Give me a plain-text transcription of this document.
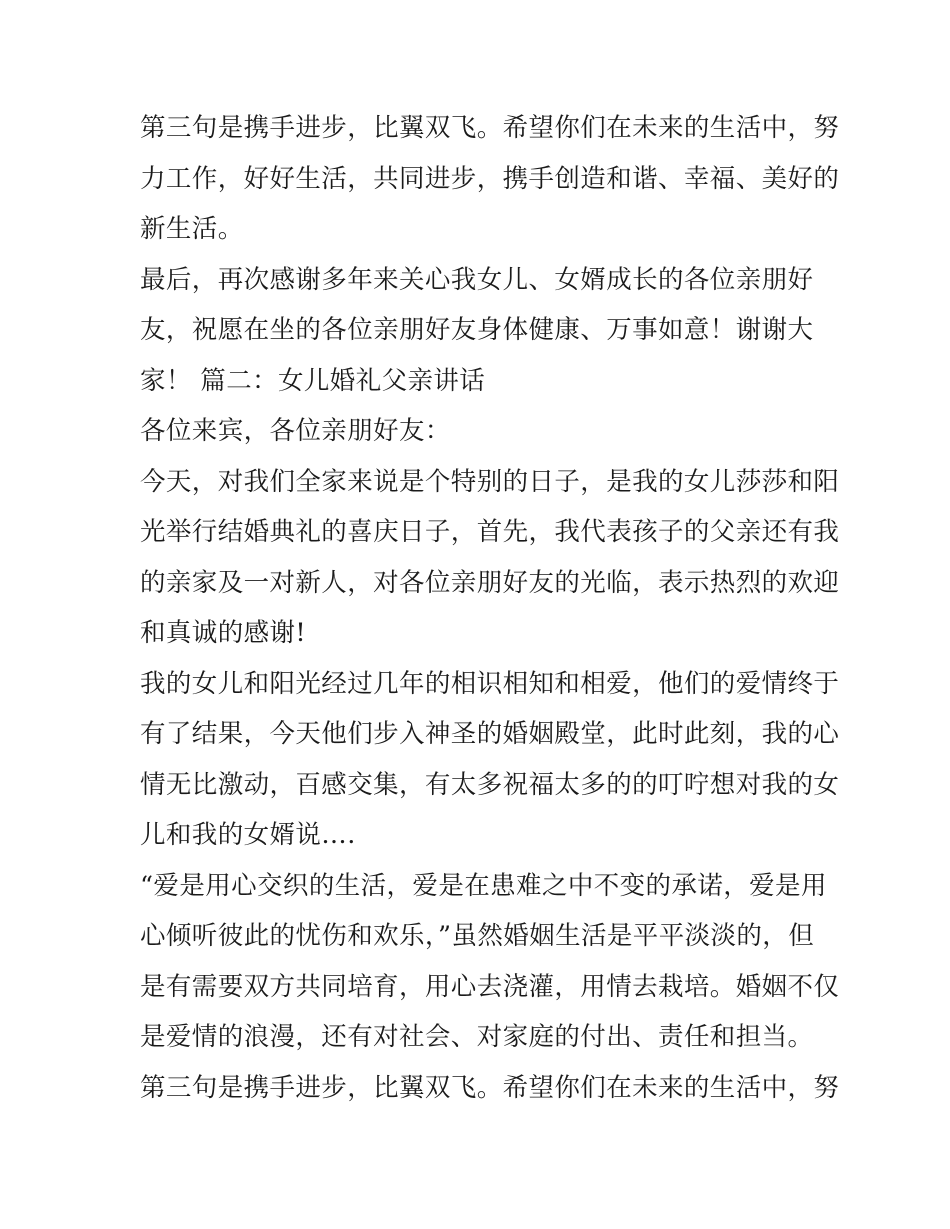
第三句是携手进步，比翼双飞。希望你们在未来的生活中，努
力工作，好好生活，共同进步，携手创造和谐、幸福、美好的
新生活。
最后，再次感谢多年来关心我女儿、女婿成长的各位亲朋好
友，祝愿在坐的各位亲朋好友身体健康、万事如意！谢谢大
家！ 篇二：女儿婚礼父亲讲话
各位来宾，各位亲朋好友：
今天，对我们全家来说是个特别的日子，是我的女儿莎莎和阳
光举行结婚典礼的喜庆日子，首先，我代表孩子的父亲还有我
的亲家及一对新人，对各位亲朋好友的光临，表示热烈的欢迎
和真诚的感谢!
我的女儿和阳光经过几年的相识相知和相爱，他们的爱情终于
有了结果，今天他们步入神圣的婚姻殿堂，此时此刻，我的心
情无比激动，百感交集，有太多祝福太多的的叮咛想对我的女
儿和我的女婿说….
“爱是用心交织的生活，爱是在患难之中不变的承诺，爱是用
心倾听彼此的忧伤和欢乐，”虽然婚姻生活是平平淡淡的，但
是有需要双方共同培育，用心去浇灌，用情去栽培。婚姻不仅
是爱情的浪漫，还有对社会、对家庭的付出、责任和担当。
第三句是携手进步，比翼双飞。希望你们在未来的生活中，努
